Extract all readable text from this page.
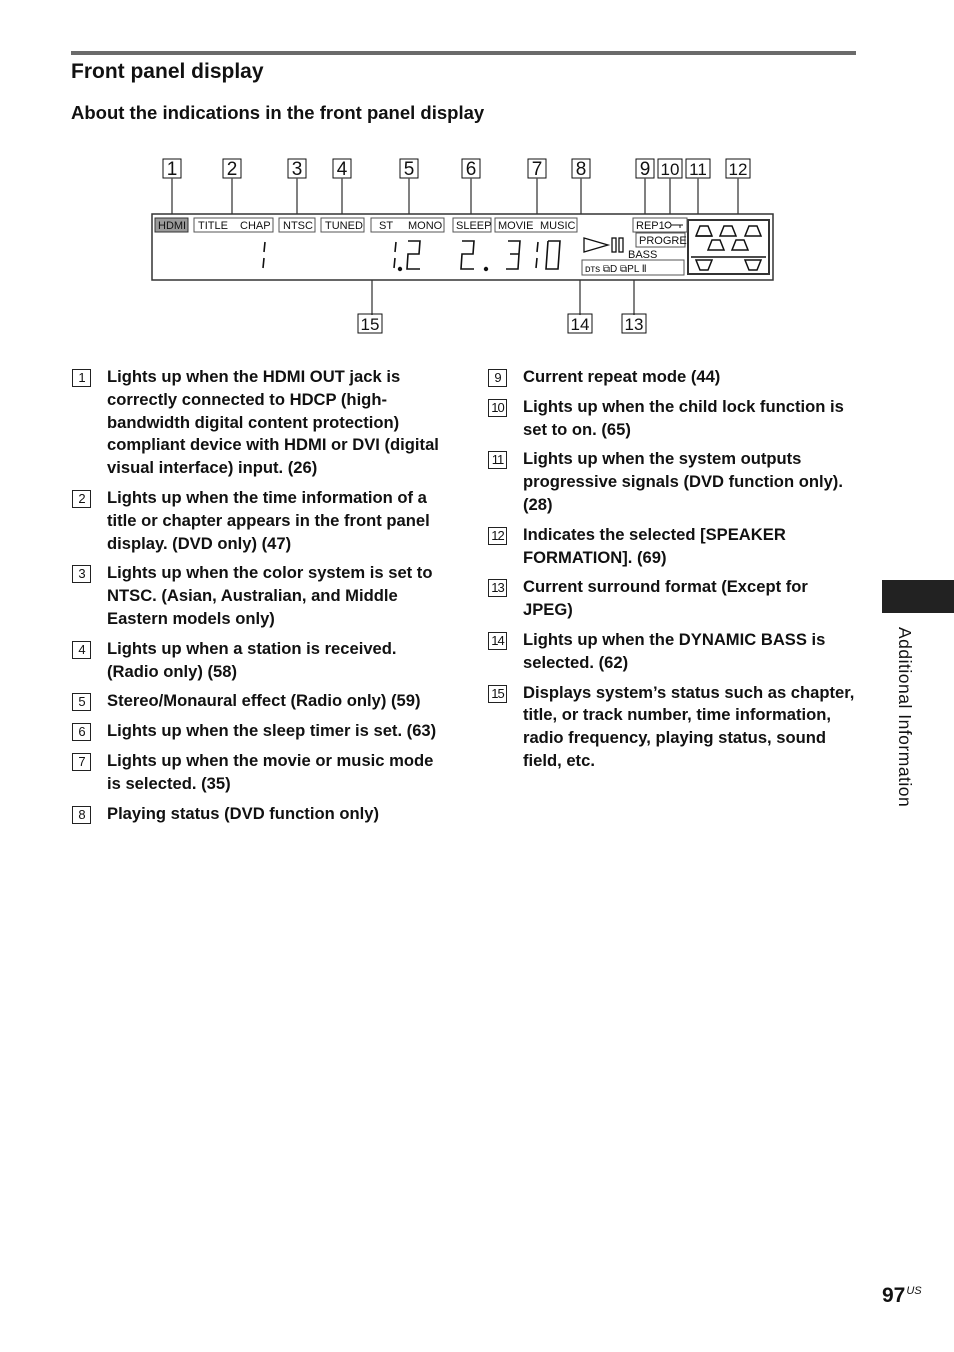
Front panel display
About the indications in the front panel display
1	2	3 4	5	6	7 8	9 10 11 12
HDMI TITLE CHAP NTSC TUNED ST MONO SLEEP MOVIE MUSIC	REP1
PROGRE
BASS
ᴅᴛѕ ⧉D ⧉PL Ⅱ
15	14 13
1	Lights up when the HDMI OUT jack is correctly connected to HDCP (high-bandwidth digital content protection) compliant device with HDMI or DVI (digital visual interface) input. (26)
2	Lights up when the time information of a title or chapter appears in the front panel display. (DVD only) (47)
3	Lights up when the color system is set to NTSC. (Asian, Australian, and Middle Eastern models only)
4	Lights up when a station is received. (Radio only) (58)
5	Stereo/Monaural effect (Radio only) (59)
6	Lights up when the sleep timer is set. (63)
7	Lights up when the movie or music mode is selected. (35)
8	Playing status (DVD function only)
9	Current repeat mode (44)
10 Lights up when the child lock function is set to on. (65)
11 Lights up when the system outputs progressive signals (DVD function only). (28)
12 Indicates the selected [SPEAKER FORMATION]. (69)
13 Current surround format (Except for JPEG)
14 Lights up when the DYNAMIC BASS is selected. (62)
15 Displays system’s status such as chapter, title, or track number, time information, radio frequency, playing status, sound field, etc.	Additional Information
$97^{US}$
